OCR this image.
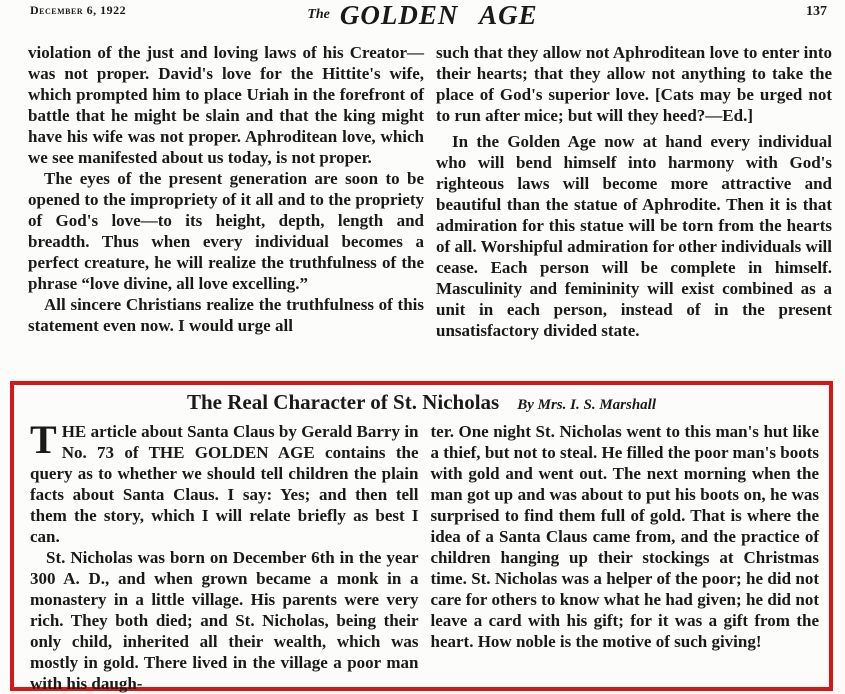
December 6, 1922	The GOLDEN AGE	137

violation of the just and loving laws of his Creator—was not proper. David's love for the Hittite's wife, which prompted him to place Uriah in the forefront of battle that he might be slain and that the king might have his wife was not proper. Aphroditean love, which we see manifested about us today, is not proper.

The eyes of the present generation are soon to be opened to the impropriety of it all and to the propriety of God's love—to its height, depth, length and breadth. Thus when every individual becomes a perfect creature, he will realize the truthfulness of the phrase “love divine, all love excelling.”

All sincere Christians realize the truthfulness of this statement even now. I would urge all

such that they allow not Aphroditean love to enter into their hearts; that they allow not anything to take the place of God's superior love. [Cats may be urged not to run after mice; but will they heed?—Ed.]

In the Golden Age now at hand every individual who will bend himself into harmony with God's righteous laws will become more attractive and beautiful than the statue of Aphrodite. Then it is that admiration for this statue will be torn from the hearts of all. Worshipful admiration for other individuals will cease. Each person will be complete in himself. Masculinity and femininity will exist combined as a unit in each person, instead of in the present unsatisfactory divided state.

The Real Character of St. Nicholas By Mrs. I. S. Marshall

T HE article about Santa Claus by Gerald Barry in No. 73 of THE GOLDEN AGE contains the query as to whether we should tell children the plain facts about Santa Claus. I say: Yes; and then tell them the story, which I will relate briefly as best I can.

St. Nicholas was born on December 6th in the year 300 A. D., and when grown became a monk in a monastery in a little village. His parents were very rich. They both died; and St. Nicholas, being their only child, inherited all their wealth, which was mostly in gold. There lived in the village a poor man with his daugh-

ter. One night St. Nicholas went to this man's hut like a thief, but not to steal. He filled the poor man's boots with gold and went out. The next morning when the man got up and was about to put his boots on, he was surprised to find them full of gold. That is where the idea of a Santa Claus came from, and the practice of children hanging up their stockings at Christmas time. St. Nicholas was a helper of the poor; he did not care for others to know what he had given; he did not leave a card with his gift; for it was a gift from the heart. How noble is the motive of such giving!
